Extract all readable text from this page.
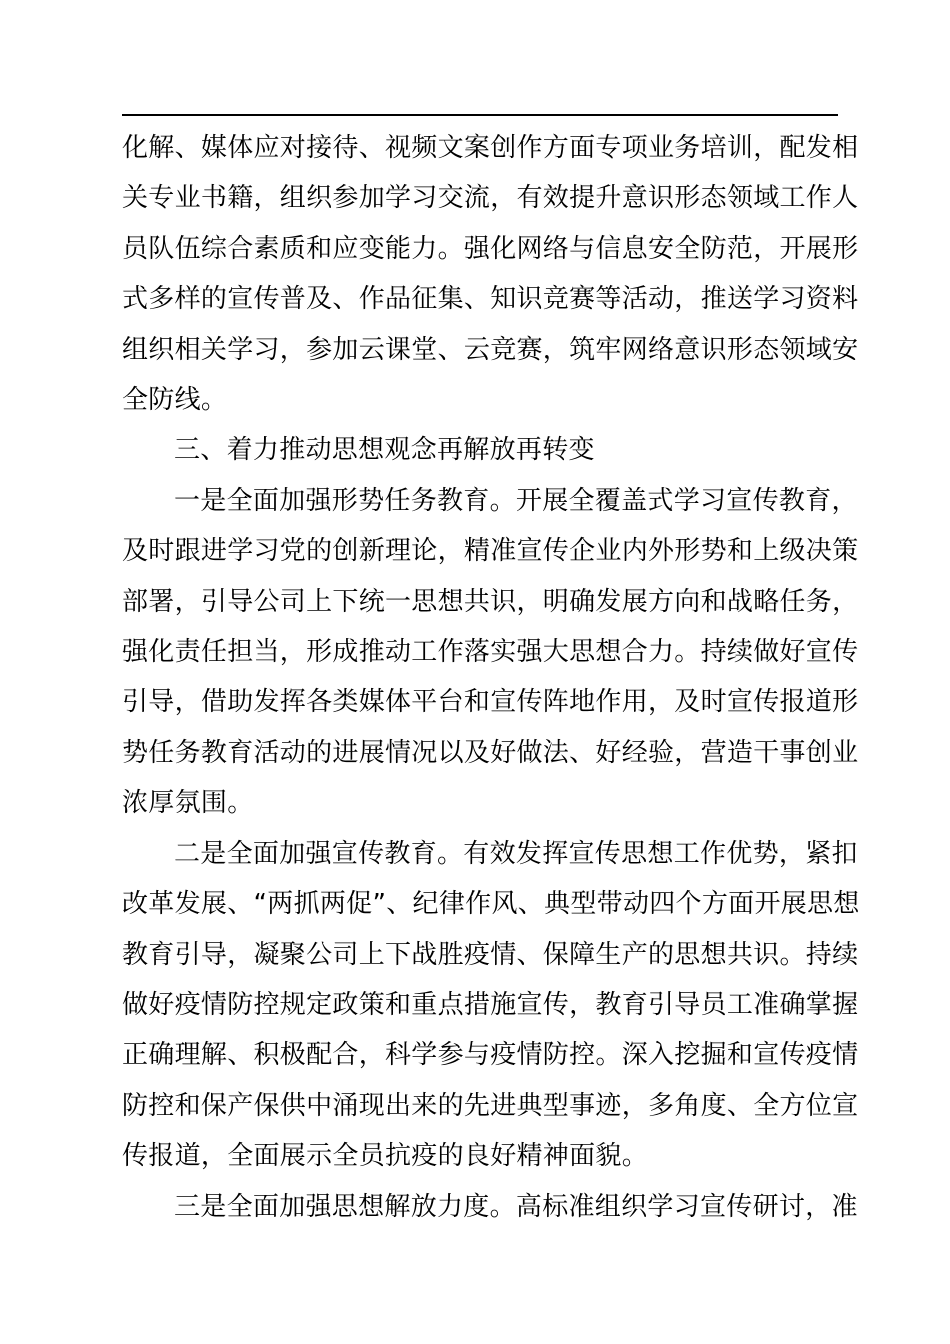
化解、媒体应对接待、视频文案创作方面专项业务培训，配发相
关专业书籍，组织参加学习交流，有效提升意识形态领域工作人
员队伍综合素质和应变能力。强化网络与信息安全防范，开展形
式多样的宣传普及、作品征集、知识竞赛等活动，推送学习资料
组织相关学习，参加云课堂、云竞赛，筑牢网络意识形态领域安
全防线。
三、着力推动思想观念再解放再转变
一是全面加强形势任务教育。开展全覆盖式学习宣传教育，
及时跟进学习党的创新理论，精准宣传企业内外形势和上级决策
部署，引导公司上下统一思想共识，明确发展方向和战略任务，
强化责任担当，形成推动工作落实强大思想合力。持续做好宣传
引导，借助发挥各类媒体平台和宣传阵地作用，及时宣传报道形
势任务教育活动的进展情况以及好做法、好经验，营造干事创业
浓厚氛围。
二是全面加强宣传教育。有效发挥宣传思想工作优势，紧扣
改革发展、“两抓两促”、纪律作风、典型带动四个方面开展思想
教育引导，凝聚公司上下战胜疫情、保障生产的思想共识。持续
做好疫情防控规定政策和重点措施宣传，教育引导员工准确掌握
正确理解、积极配合，科学参与疫情防控。深入挖掘和宣传疫情
防控和保产保供中涌现出来的先进典型事迹，多角度、全方位宣
传报道，全面展示全员抗疫的良好精神面貌。
三是全面加强思想解放力度。高标准组织学习宣传研讨，准
